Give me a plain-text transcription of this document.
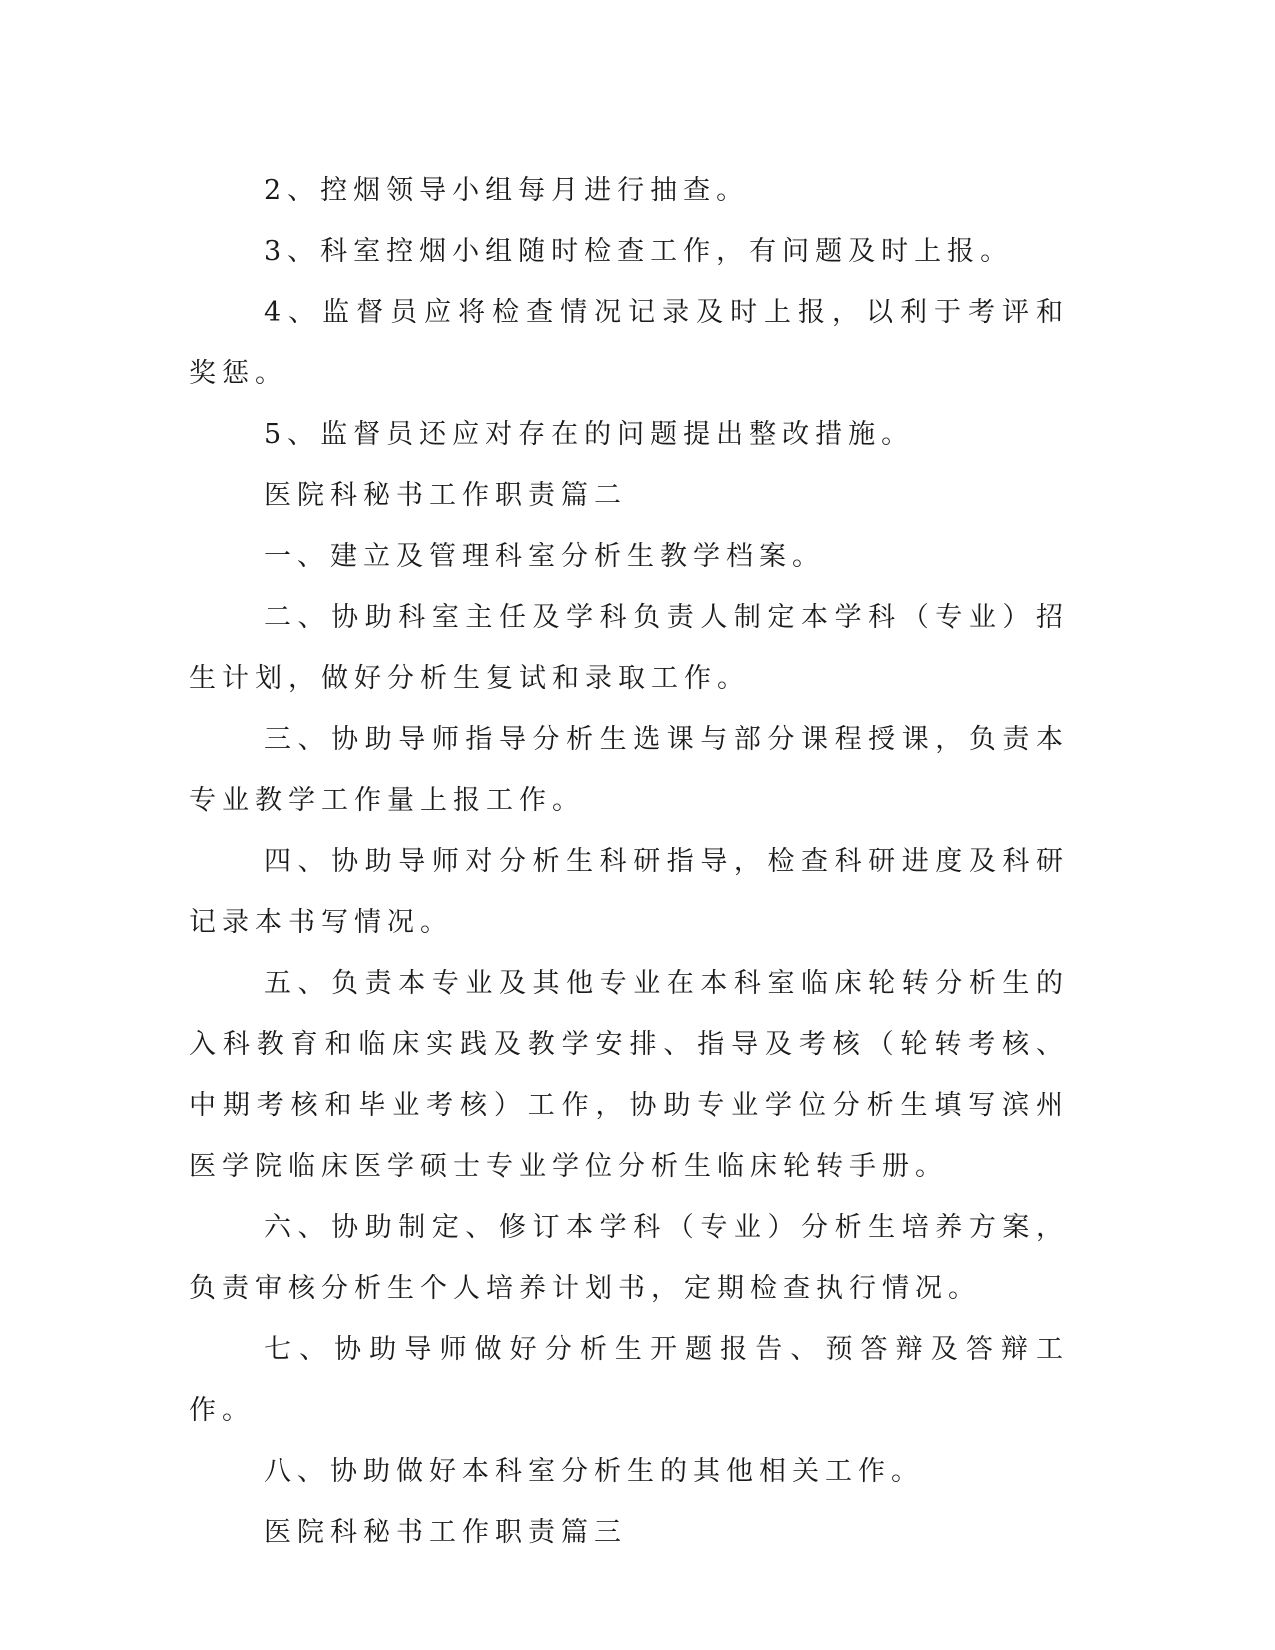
2、控烟领导小组每月进行抽查。

3、科室控烟小组随时检查工作，有问题及时上报。

4、监督员应将检查情况记录及时上报，以利于考评和奖惩。

5、监督员还应对存在的问题提出整改措施。

医院科秘书工作职责篇二

一、建立及管理科室分析生教学档案。

二、协助科室主任及学科负责人制定本学科（专业）招生计划，做好分析生复试和录取工作。

三、协助导师指导分析生选课与部分课程授课，负责本专业教学工作量上报工作。

四、协助导师对分析生科研指导，检查科研进度及科研记录本书写情况。

五、负责本专业及其他专业在本科室临床轮转分析生的入科教育和临床实践及教学安排、指导及考核（轮转考核、中期考核和毕业考核）工作，协助专业学位分析生填写滨州医学院临床医学硕士专业学位分析生临床轮转手册。

六、协助制定、修订本学科（专业）分析生培养方案，负责审核分析生个人培养计划书，定期检查执行情况。

七、协助导师做好分析生开题报告、预答辩及答辩工作。

八、协助做好本科室分析生的其他相关工作。

医院科秘书工作职责篇三
